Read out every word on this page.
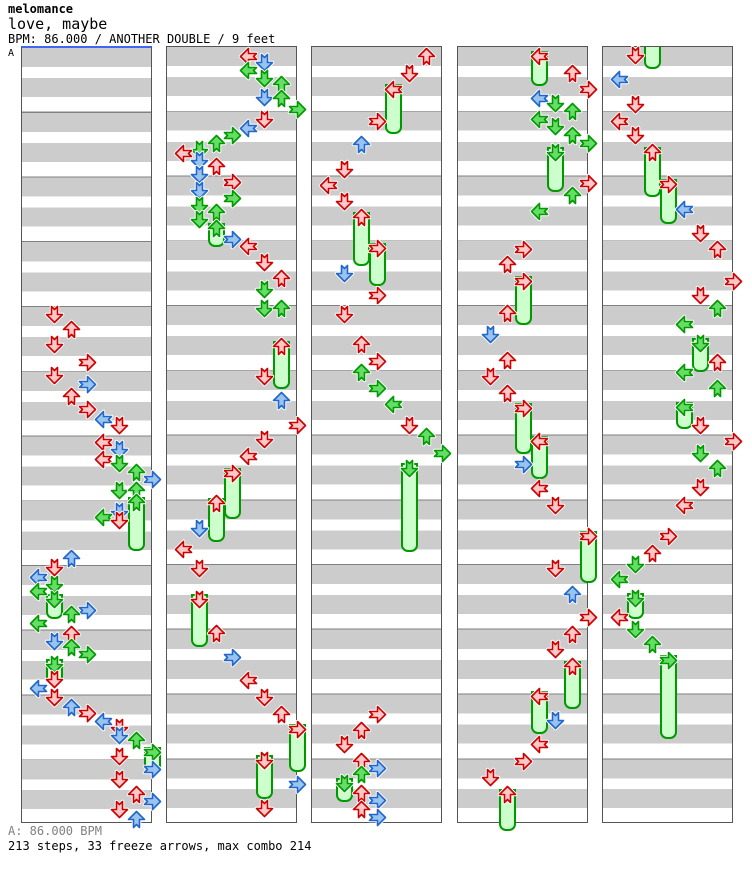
melomance
love, maybe
BPM: 86.000 / ANOTHER DOUBLE / 9 feet
A
A: 86.000 BPM
213 steps, 33 freeze arrows, max combo 214
